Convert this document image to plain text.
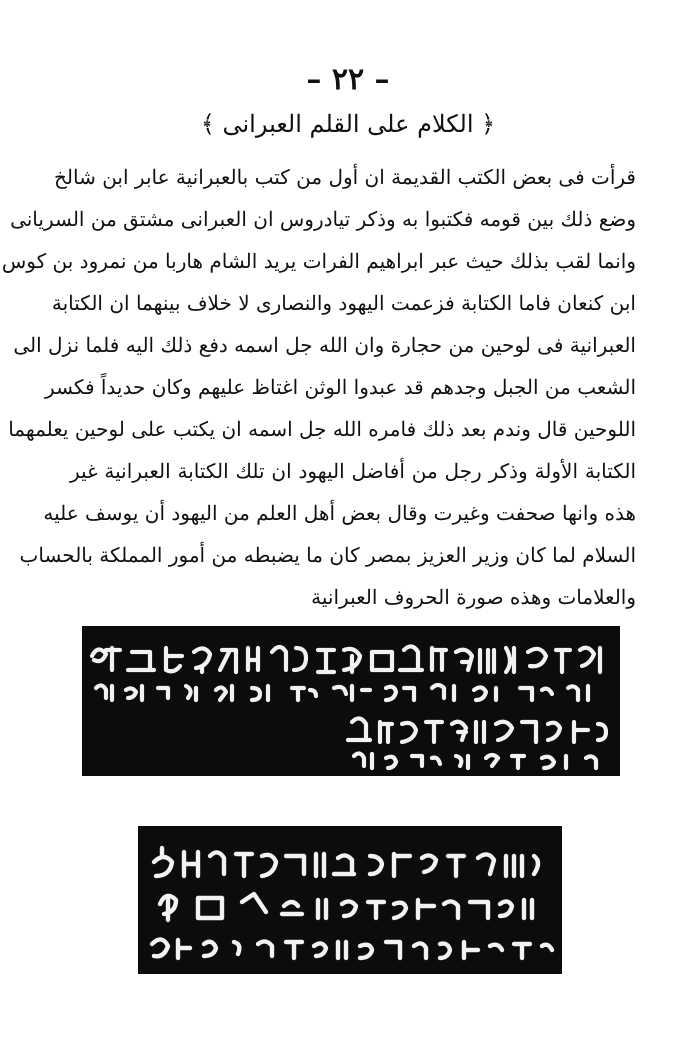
– ٢٢ –
﴿ الكلام على القلم العبرانى ﴾
قرأت فى بعض الكتب القديمة ان أول من كتب بالعبرانية عابر ابن شالخ
وضع ذلك بين قومه فكتبوا به وذكر تيادروس ان العبرانى مشتق من السريانى
وانما لقب بذلك حيث عبر ابراهيم الفرات يريد الشام هاربا من نمرود بن كوس
ابن كنعان فاما الكتابة فزعمت اليهود والنصارى لا خلاف بينهما ان الكتابة
العبرانية فى لوحين من حجارة وان الله جل اسمه دفع ذلك اليه فلما نزل الى
الشعب من الجبل وجدهم قد عبدوا الوثن اغتاظ عليهم وكان حديداً فكسر
اللوحين قال وندم بعد ذلك فامره الله جل اسمه ان يكتب على لوحين يعلمهما
الكتابة الأولة وذكر رجل من أفاضل اليهود ان تلك الكتابة العبرانية غير
هذه وانها صحفت وغيرت وقال بعض أهل العلم من اليهود أن يوسف عليه
السلام لما كان وزير العزيز بمصر كان ما يضبطه من أمور المملكة بالحساب
والعلامات وهذه صورة الحروف العبرانية
